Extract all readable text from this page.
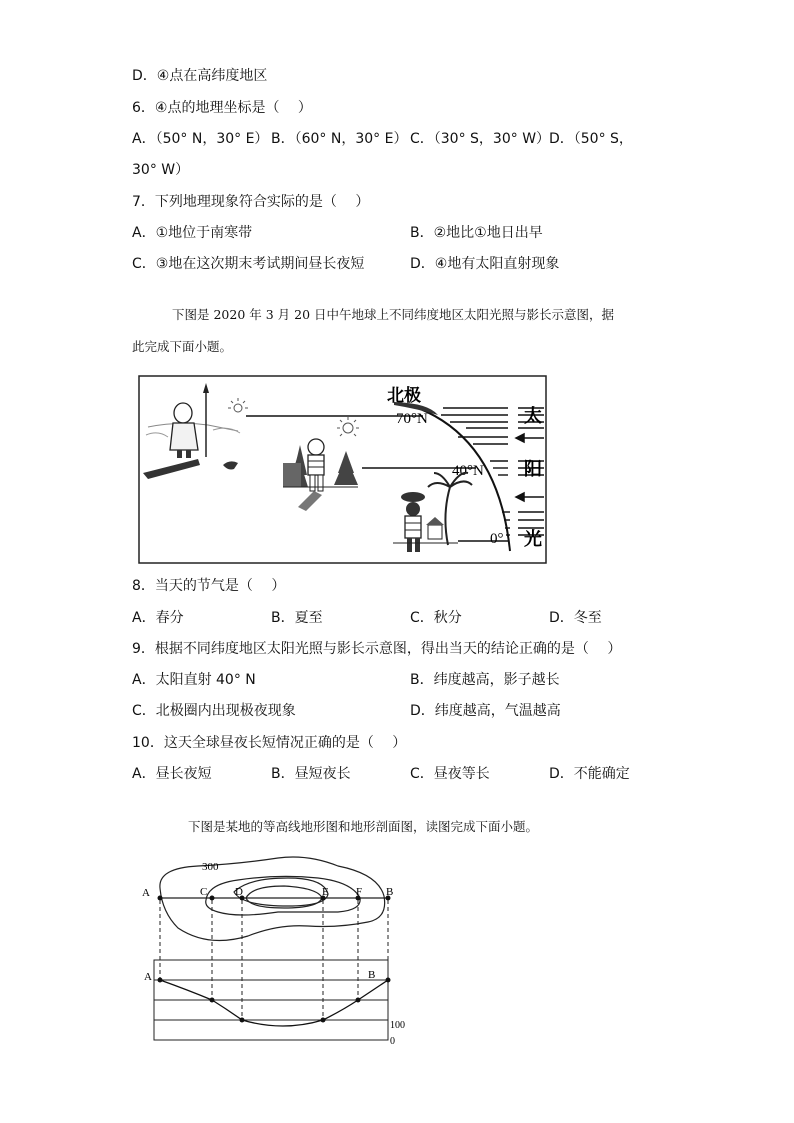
D．④点在高纬度地区
6．④点的地理坐标是（　 ）
A．（50° N，30° E） B．（60° N，30° E） C．（30° S，30° W）
D．（50° S，
30° W）
7．下列地理现象符合实际的是（　 ）
A．①地位于南寒带	B．②地比①地日出早
C．③地在这次期末考试期间昼长夜短	D．④地有太阳直射现象
下图是 2020 年 3 月 20 日中午地球上不同纬度地区太阳光照与影长示意图，据
此完成下面小题。
太
阳
光
北极
70°N
40°N
0°
8．当天的节气是（　 ）
A．春分	B．夏至	C．秋分	D．冬至
9．根据不同纬度地区太阳光照与影长示意图，得出当天的结论正确的是（　 ）
A．太阳直射 40° N	B．纬度越高，影子越长
C．北极圈内出现极夜现象	D．纬度越高，气温越高
10．这天全球昼夜长短情况正确的是（　 ）
A．昼长夜短	B．昼短夜长	C．昼夜等长	D．不能确定
下图是某地的等高线地形图和地形剖面图，读图完成下面小题。
300
A	C	D	E F B
A	B
100
0
